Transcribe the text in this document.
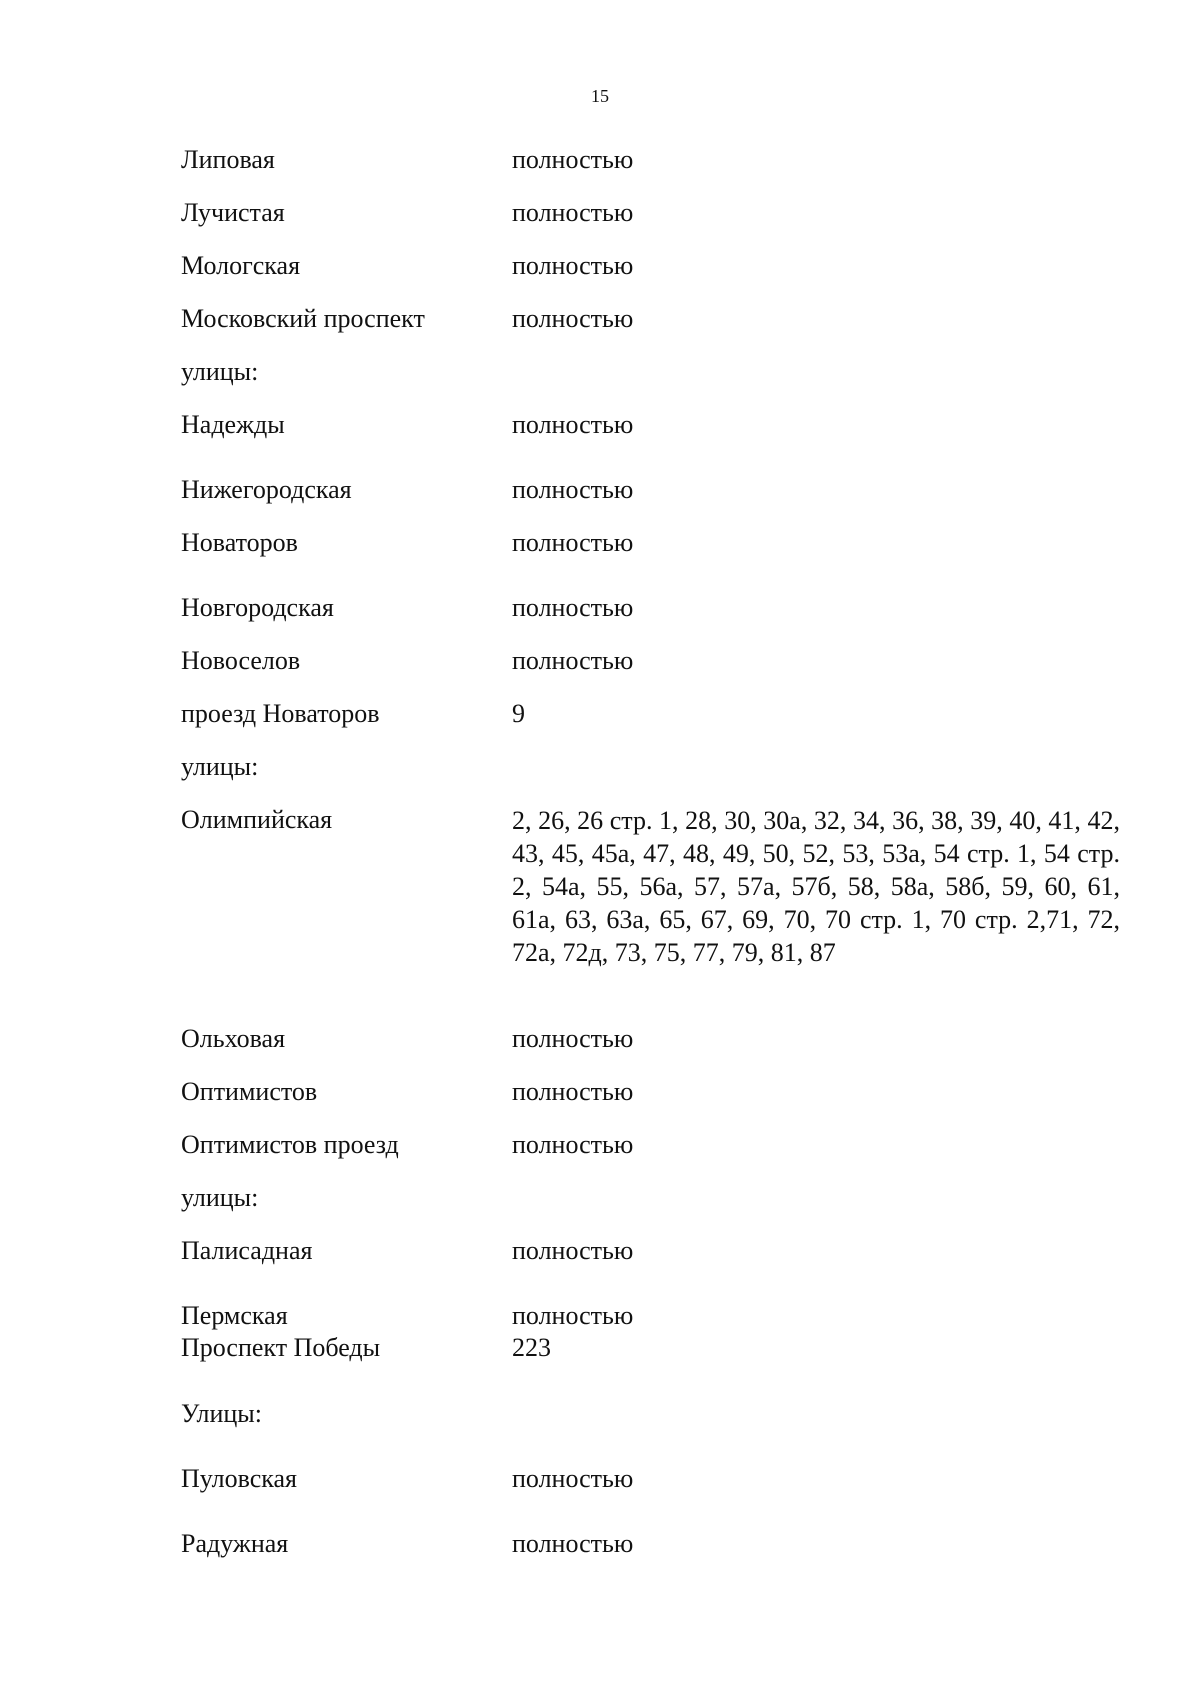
15
Липовая	полностью
Лучистая	полностью
Мологская	полностью
Московский проспект	полностью
улицы:
Надежды	полностью
Нижегородская	полностью
Новаторов	полностью
Новгородская	полностью
Новоселов	полностью
проезд Новаторов	9
улицы:
Олимпийская	2, 26, 26 стр. 1, 28, 30, 30а, 32, 34, 36, 38, 39, 40, 41, 42, 43, 45, 45а, 47, 48, 49, 50, 52, 53, 53а, 54 стр. 1, 54 стр. 2, 54а, 55, 56а, 57, 57а, 57б, 58, 58а, 58б, 59, 60, 61, 61а, 63, 63а, 65, 67, 69, 70, 70 стр. 1, 70 стр. 2,71, 72, 72а, 72д, 73, 75, 77, 79, 81, 87
Ольховая	полностью
Оптимистов	полностью
Оптимистов проезд	полностью
улицы:
Палисадная	полностью
Пермская	полностью
Проспект Победы	223
Улицы:
Пуловская	полностью
Радужная	полностью
